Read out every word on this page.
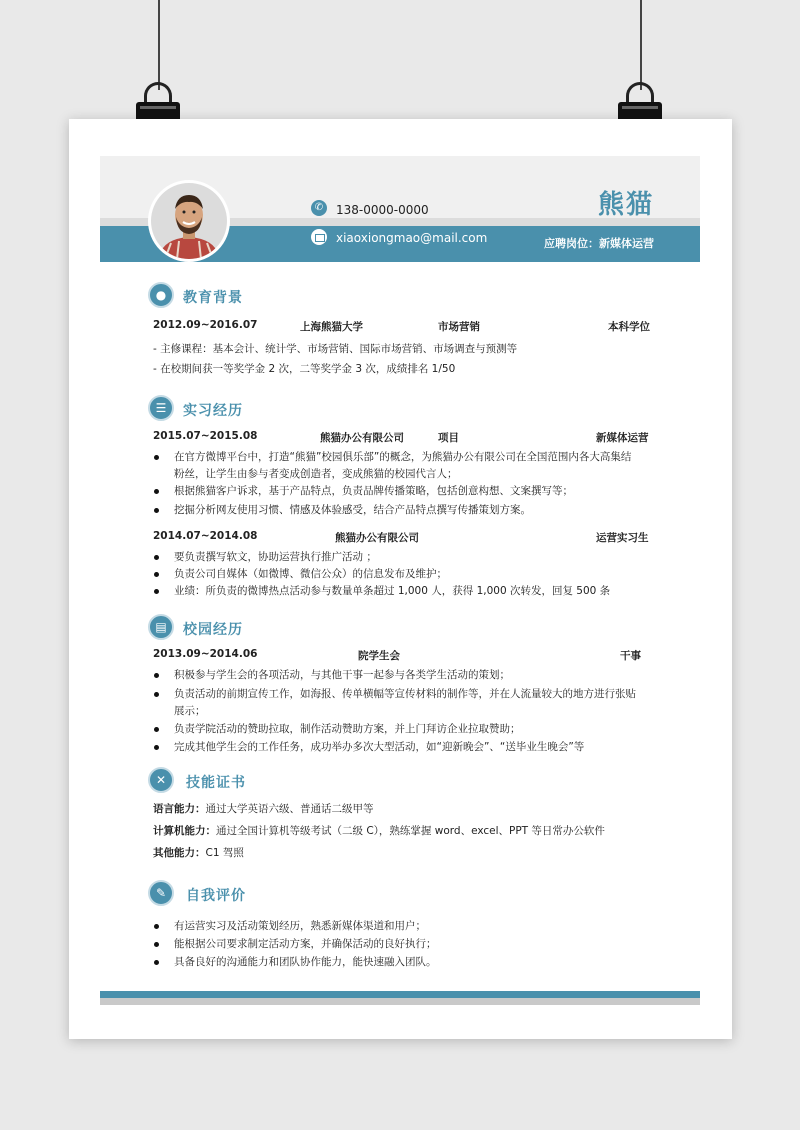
熊猫
✆	138-0000-0000
xiaoxiongmao@mail.com	应聘岗位：新媒体运营
●	教育背景
2012.09~2016.07	上海熊猫大学	市场营销	本科学位
- 主修课程：基本会计、统计学、市场营销、国际市场营销、市场调查与预测等
- 在校期间获一等奖学金 2 次，二等奖学金 3 次，成绩排名 1/50
☰	实习经历
2015.07~2015.08	熊猫办公有限公司	项目	新媒体运营
在官方微博平台中，打造“熊猫”校园俱乐部”的概念，为熊猫办公有限公司在全国范围内各大高集结
粉丝，让学生由参与者变成创造者，变成熊猫的校园代言人；
根据熊猫客户诉求，基于产品特点，负责品牌传播策略，包括创意构想、文案撰写等；
挖掘分析网友使用习惯、情感及体验感受，结合产品特点撰写传播策划方案。
2014.07~2014.08	熊猫办公有限公司	运营实习生
要负责撰写软文，协助运营执行推广活动 ；
负责公司自媒体（如微博、微信公众）的信息发布及维护；
业绩：所负责的微博热点活动参与数量单条超过 1,000 人，获得 1,000 次转发，回复 500 条
▤	校园经历
2013.09~2014.06	院学生会	干事
积极参与学生会的各项活动，与其他干事一起参与各类学生活动的策划；
负责活动的前期宣传工作，如海报、传单横幅等宣传材料的制作等，并在人流量较大的地方进行张贴
展示；
负责学院活动的赞助拉取，制作活动赞助方案，并上门拜访企业拉取赞助；
完成其他学生会的工作任务，成功举办多次大型活动，如“迎新晚会”、“送毕业生晚会”等
✕	技能证书
语言能力：通过大学英语六级、普通话二级甲等
计算机能力：通过全国计算机等级考试（二级 C），熟练掌握 word、excel、PPT 等日常办公软件
其他能力：C1 驾照
✎	自我评价
有运营实习及活动策划经历，熟悉新媒体渠道和用户；
能根据公司要求制定活动方案，并确保活动的良好执行；
具备良好的沟通能力和团队协作能力，能快速融入团队。
